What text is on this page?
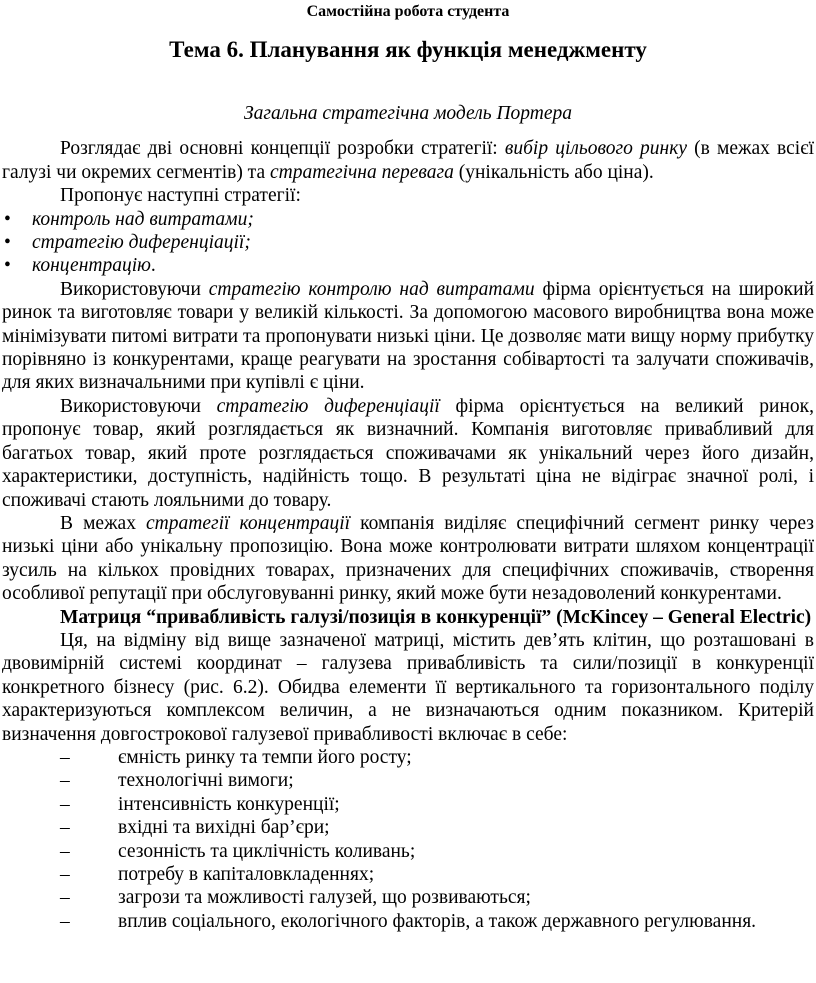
Самостійна робота студента
Тема 6. Планування як функція менеджменту
Загальна стратегічна модель Портера

Розглядає дві основні концепції розробки стратегії: вибір цільового ринку (в межах всієї галузі чи окремих сегментів) та стратегічна перевага (унікальність або ціна).

Пропонує наступні стратегії:

•	контроль над витратами;
•	стратегію диференціації;
•	концентрацію.

Використовуючи стратегію контролю над витратами фірма орієнтується на широкий ринок та виготовляє товари у великій кількості. За допомогою масового виробництва вона може мінімізувати питомі витрати та пропонувати низькі ціни. Це дозволяє мати вищу норму прибутку порівняно із конкурентами, краще реагувати на зростання собівартості та залучати споживачів, для яких визначальними при купівлі є ціни.

Використовуючи стратегію диференціації фірма орієнтується на великий ринок, пропонує товар, який розглядається як визначний. Компанія виготовляє привабливий для багатьох товар, який проте розглядається споживачами як унікальний через його дизайн, характеристики, доступність, надійність тощо. В результаті ціна не відіграє значної ролі, і споживачі стають лояльними до товару.

В межах стратегії концентрації компанія виділяє специфічний сегмент ринку через низькі ціни або унікальну пропозицію. Вона може контролювати витрати шляхом концентрації зусиль на кількох провідних товарах, призначених для специфічних споживачів, створення особливої репутації при обслуговуванні ринку, який може бути незадоволений конкурентами.

Матриця “привабливість галузі/позиція в конкуренції” (McKincey – General Electric)

Ця, на відміну від вище зазначеної матриці, містить дев’ять клітин, що розташовані в двовимірній системі координат – галузева привабливість та сили/позиції в конкуренції конкретного бізнесу (рис. 6.2). Обидва елементи її вертикального та горизонтального поділу характеризуються комплексом величин, а не визначаються одним показником. Критерій визначення довгострокової галузевої привабливості включає в себе:

–	ємність ринку та темпи його росту;
–	технологічні вимоги;
–	інтенсивність конкуренції;
–	вхідні та вихідні бар’єри;
–	сезонність та циклічність коливань;
–	потребу в капіталовкладеннях;
–	загрози та можливості галузей, що розвиваються;
–	вплив соціального, екологічного факторів, а також державного регулювання.
